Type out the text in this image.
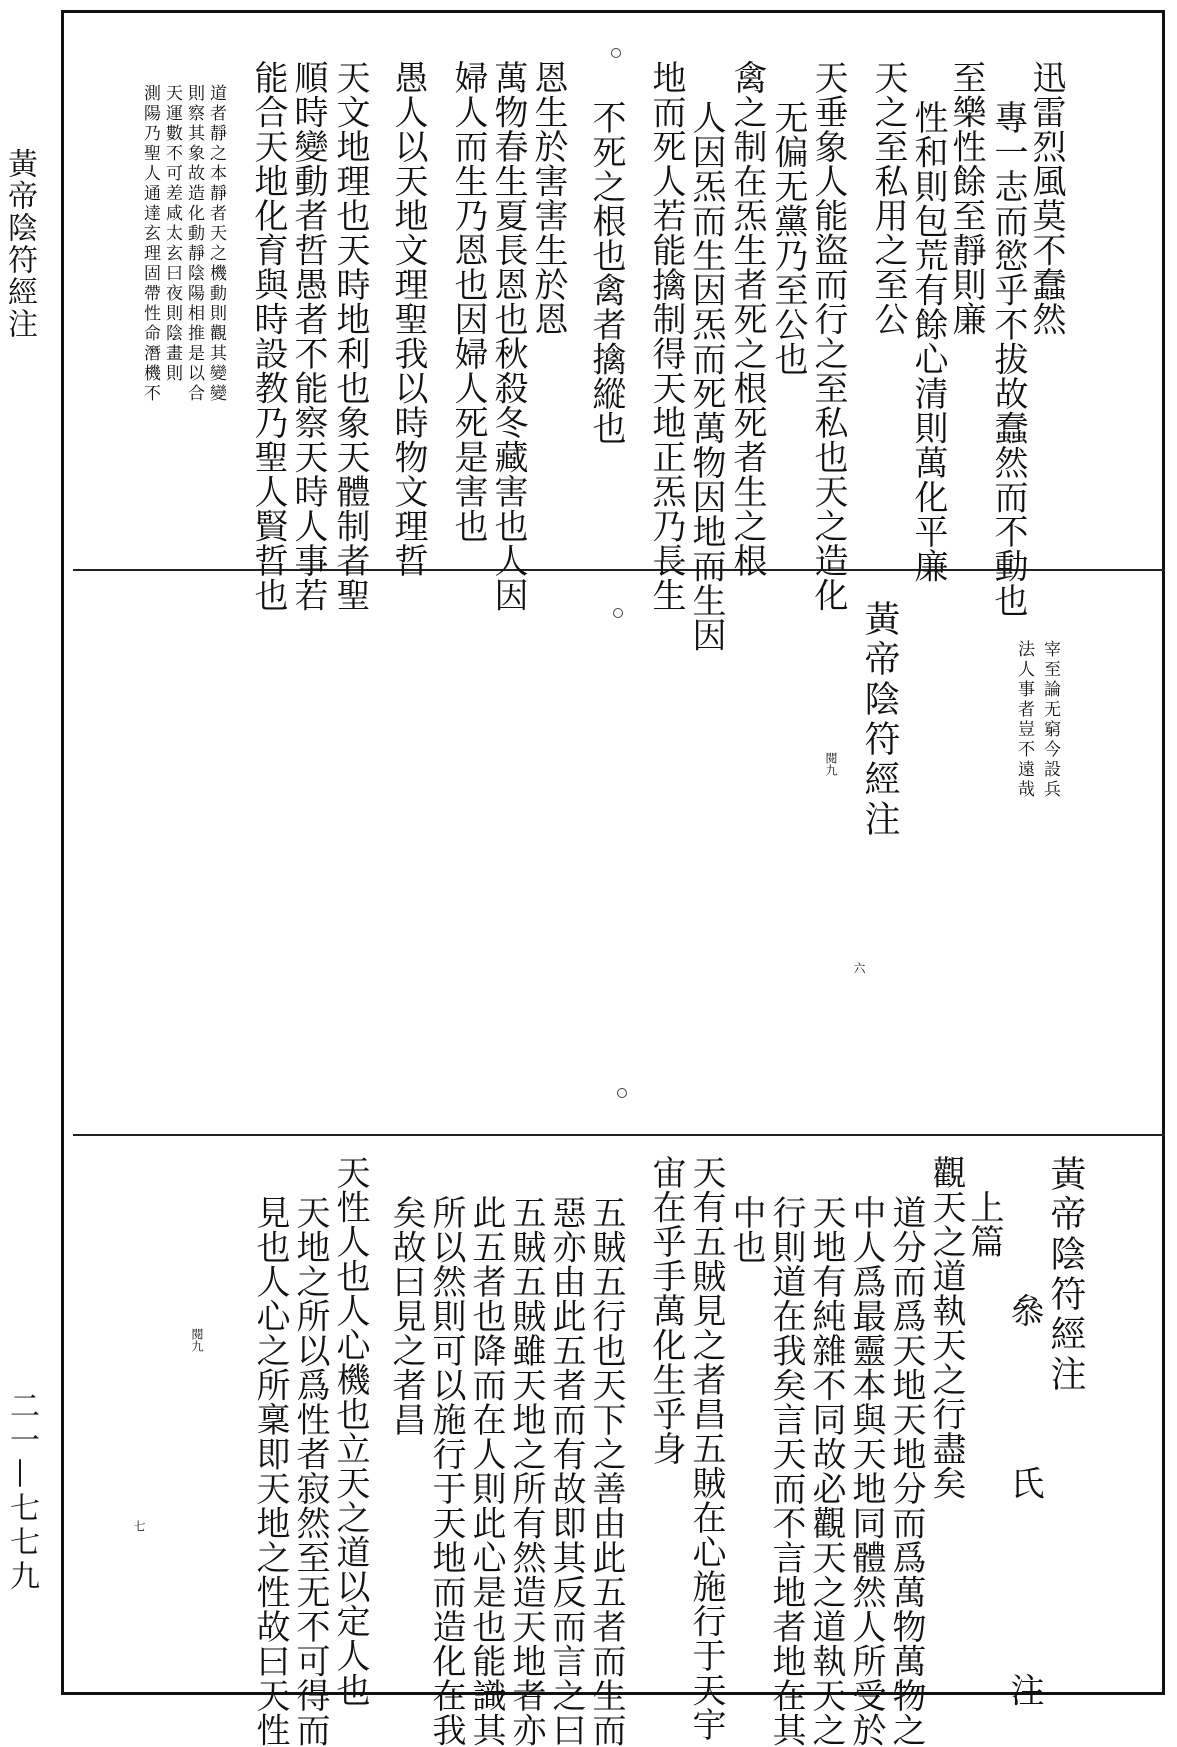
黃帝陰符經注
二一—七七九
迅雷烈風莫不蠢然
專一志而慾乎不拔故蠢然而不動也
至樂性餘至靜則廉
性和則包荒有餘心清則萬化平廉
天之至私用之至公
天垂象人能盜而行之至私也天之造化
无偏无黨乃至公也
禽之制在炁生者死之根死者生之根
人因炁而生因炁而死萬物因地而生因
地而死人若能擒制得天地正炁乃長生
不死之根也禽者擒縱也
恩生於害害生於恩
萬物春生夏長恩也秋殺冬藏害也人因
婦人而生乃恩也因婦人死是害也
愚人以天地文理聖我以時物文理哲
天文地理也天時地利也象天體制者聖
順時變動者哲愚者不能察天時人事若
能合天地化育與時設教乃聖人賢哲也
道者靜之本靜者天之機動則觀其變變
則察其象故造化動靜陰陽相推是以合
天運數不可差咸太玄曰夜則陰畫則
測陽乃聖人通達玄理固帶性命潛機不
宰至論无窮今設兵
法人事者豈不遠哉
黃帝陰符經注
閱九
六
黃帝陰符經注
　　　　叅　　　　氏　　　　　注
　上篇
觀天之道執天之行盡矣
道分而爲天地天地分而爲萬物萬物之
中人爲最靈本與天地同體然人所受於
天地有純雜不同故必觀天之道執天之
行則道在我矣言天而不言地者地在其
中也
天有五賊見之者昌五賊在心施行于天宇
宙在乎手萬化生乎身
五賊五行也天下之善由此五者而生而
惡亦由此五者而有故即其反而言之曰
五賊五賊雖天地之所有然造天地者亦
此五者也降而在人則此心是也能識其
所以然則可以施行于天地而造化在我
矣故曰見之者昌
天性人也人心機也立天之道以定人也
天地之所以爲性者寂然至无不可得而
見也人心之所稟即天地之性故曰天性
閱九
七
